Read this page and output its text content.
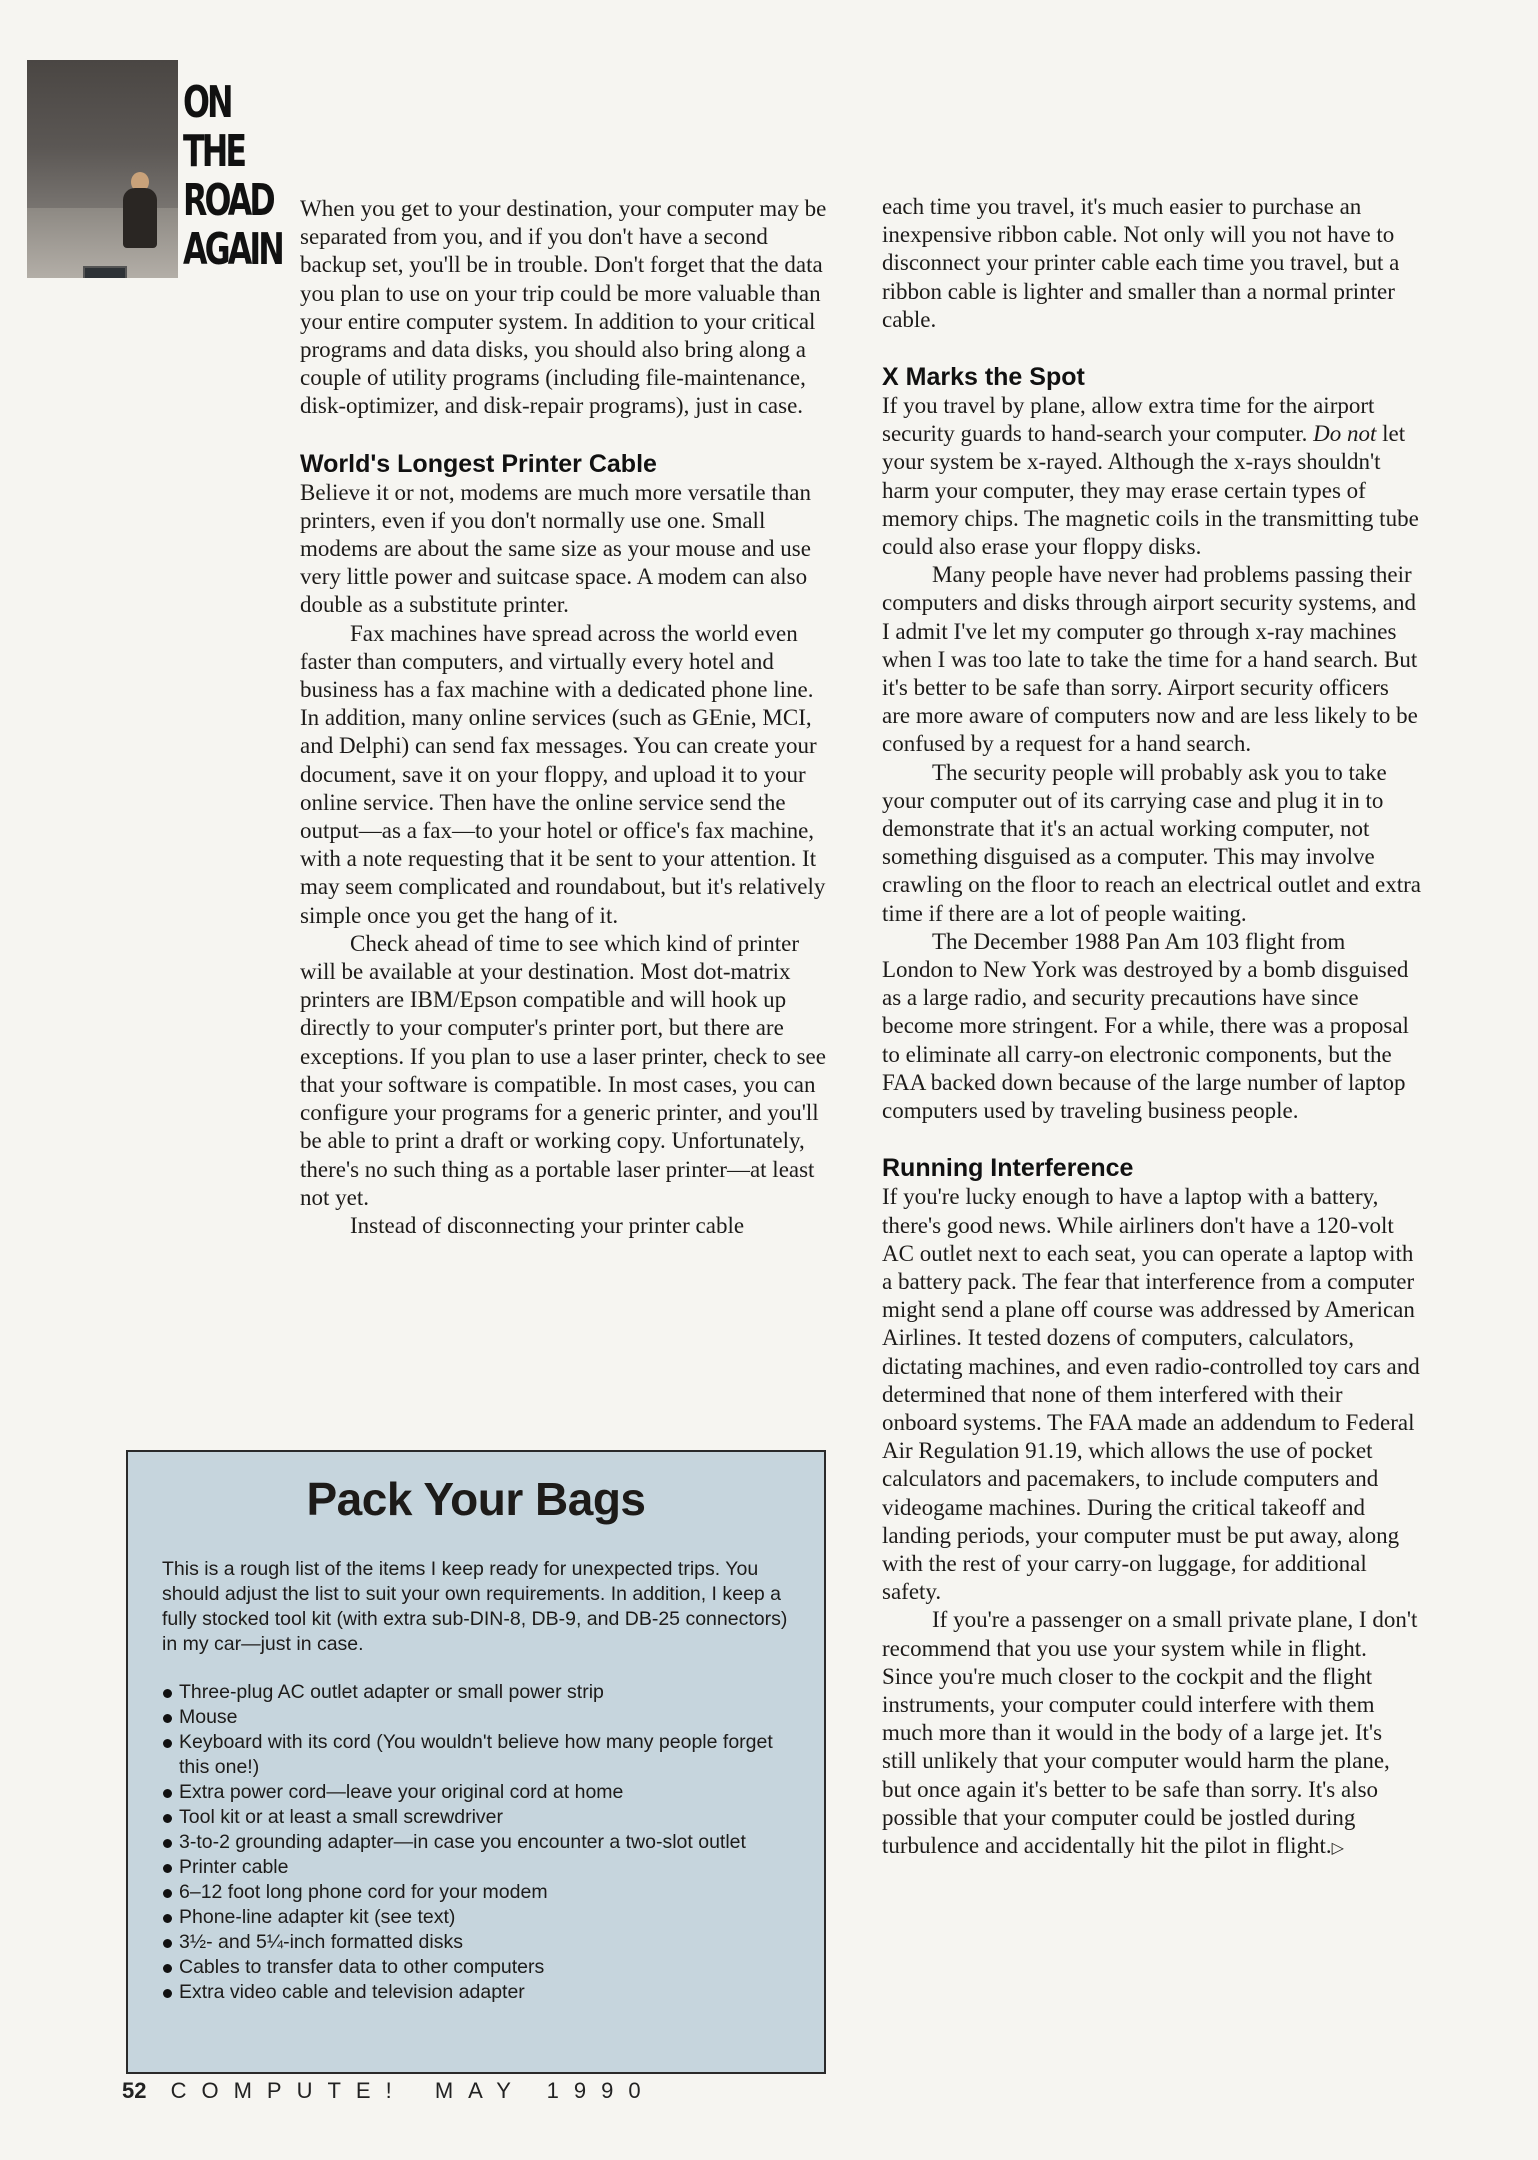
ON
THE
ROAD
AGAIN

When you get to your destination, your computer may be separated from you, and if you don't have a second backup set, you'll be in trouble. Don't forget that the data you plan to use on your trip could be more valuable than your entire computer system. In addition to your critical programs and data disks, you should also bring along a couple of utility programs (including file-maintenance, disk-optimizer, and disk-repair programs), just in case.

World's Longest Printer Cable

Believe it or not, modems are much more versatile than printers, even if you don't normally use one. Small modems are about the same size as your mouse and use very little power and suitcase space. A modem can also double as a substitute printer.

Fax machines have spread across the world even faster than computers, and virtually every hotel and business has a fax machine with a dedicated phone line. In addition, many online services (such as GEnie, MCI, and Delphi) can send fax messages. You can create your document, save it on your floppy, and upload it to your online service. Then have the online service send the output—as a fax—to your hotel or office's fax machine, with a note requesting that it be sent to your attention. It may seem complicated and roundabout, but it's relatively simple once you get the hang of it.

Check ahead of time to see which kind of printer will be available at your destination. Most dot-matrix printers are IBM/Epson compatible and will hook up directly to your computer's printer port, but there are exceptions. If you plan to use a laser printer, check to see that your software is compatible. In most cases, you can configure your programs for a generic printer, and you'll be able to print a draft or working copy. Unfortunately, there's no such thing as a portable laser printer—at least not yet.

Instead of disconnecting your printer cable

each time you travel, it's much easier to purchase an inexpensive ribbon cable. Not only will you not have to disconnect your printer cable each time you travel, but a ribbon cable is lighter and smaller than a normal printer cable.

X Marks the Spot

If you travel by plane, allow extra time for the airport security guards to hand-search your computer. Do not let your system be x-rayed. Although the x-rays shouldn't harm your computer, they may erase certain types of memory chips. The magnetic coils in the transmitting tube could also erase your floppy disks.

Many people have never had problems passing their computers and disks through airport security systems, and I admit I've let my computer go through x-ray machines when I was too late to take the time for a hand search. But it's better to be safe than sorry. Airport security officers are more aware of computers now and are less likely to be confused by a request for a hand search.

The security people will probably ask you to take your computer out of its carrying case and plug it in to demonstrate that it's an actual working computer, not something disguised as a computer. This may involve crawling on the floor to reach an electrical outlet and extra time if there are a lot of people waiting.

The December 1988 Pan Am 103 flight from London to New York was destroyed by a bomb disguised as a large radio, and security precautions have since become more stringent. For a while, there was a proposal to eliminate all carry-on electronic components, but the FAA backed down because of the large number of laptop computers used by traveling business people.

Running Interference

If you're lucky enough to have a laptop with a battery, there's good news. While airliners don't have a 120-volt AC outlet next to each seat, you can operate a laptop with a battery pack. The fear that interference from a computer might send a plane off course was addressed by American Airlines. It tested dozens of computers, calculators, dictating machines, and even radio-controlled toy cars and determined that none of them interfered with their onboard systems. The FAA made an addendum to Federal Air Regulation 91.19, which allows the use of pocket calculators and pacemakers, to include computers and videogame machines. During the critical takeoff and landing periods, your computer must be put away, along with the rest of your carry-on luggage, for additional safety.

If you're a passenger on a small private plane, I don't recommend that you use your system while in flight. Since you're much closer to the cockpit and the flight instruments, your computer could interfere with them much more than it would in the body of a large jet. It's still unlikely that your computer would harm the plane, but once again it's better to be safe than sorry. It's also possible that your computer could be jostled during turbulence and accidentally hit the pilot in flight.▷

Pack Your Bags
This is a rough list of the items I keep ready for unexpected trips. You should adjust the list to suit your own requirements. In addition, I keep a fully stocked tool kit (with extra sub-DIN-8, DB-9, and DB-25 connectors) in my car—just in case.
Three-plug AC outlet adapter or small power strip
Mouse
Keyboard with its cord (You wouldn't believe how many people forget this one!)
Extra power cord—leave your original cord at home
Tool kit or at least a small screwdriver
3-to-2 grounding adapter—in case you encounter a two-slot outlet
Printer cable
6–12 foot long phone cord for your modem
Phone-line adapter kit (see text)
3½- and 5¼-inch formatted disks
Cables to transfer data to other computers
Extra video cable and television adapter
52 COMPUTE! MAY 1990
